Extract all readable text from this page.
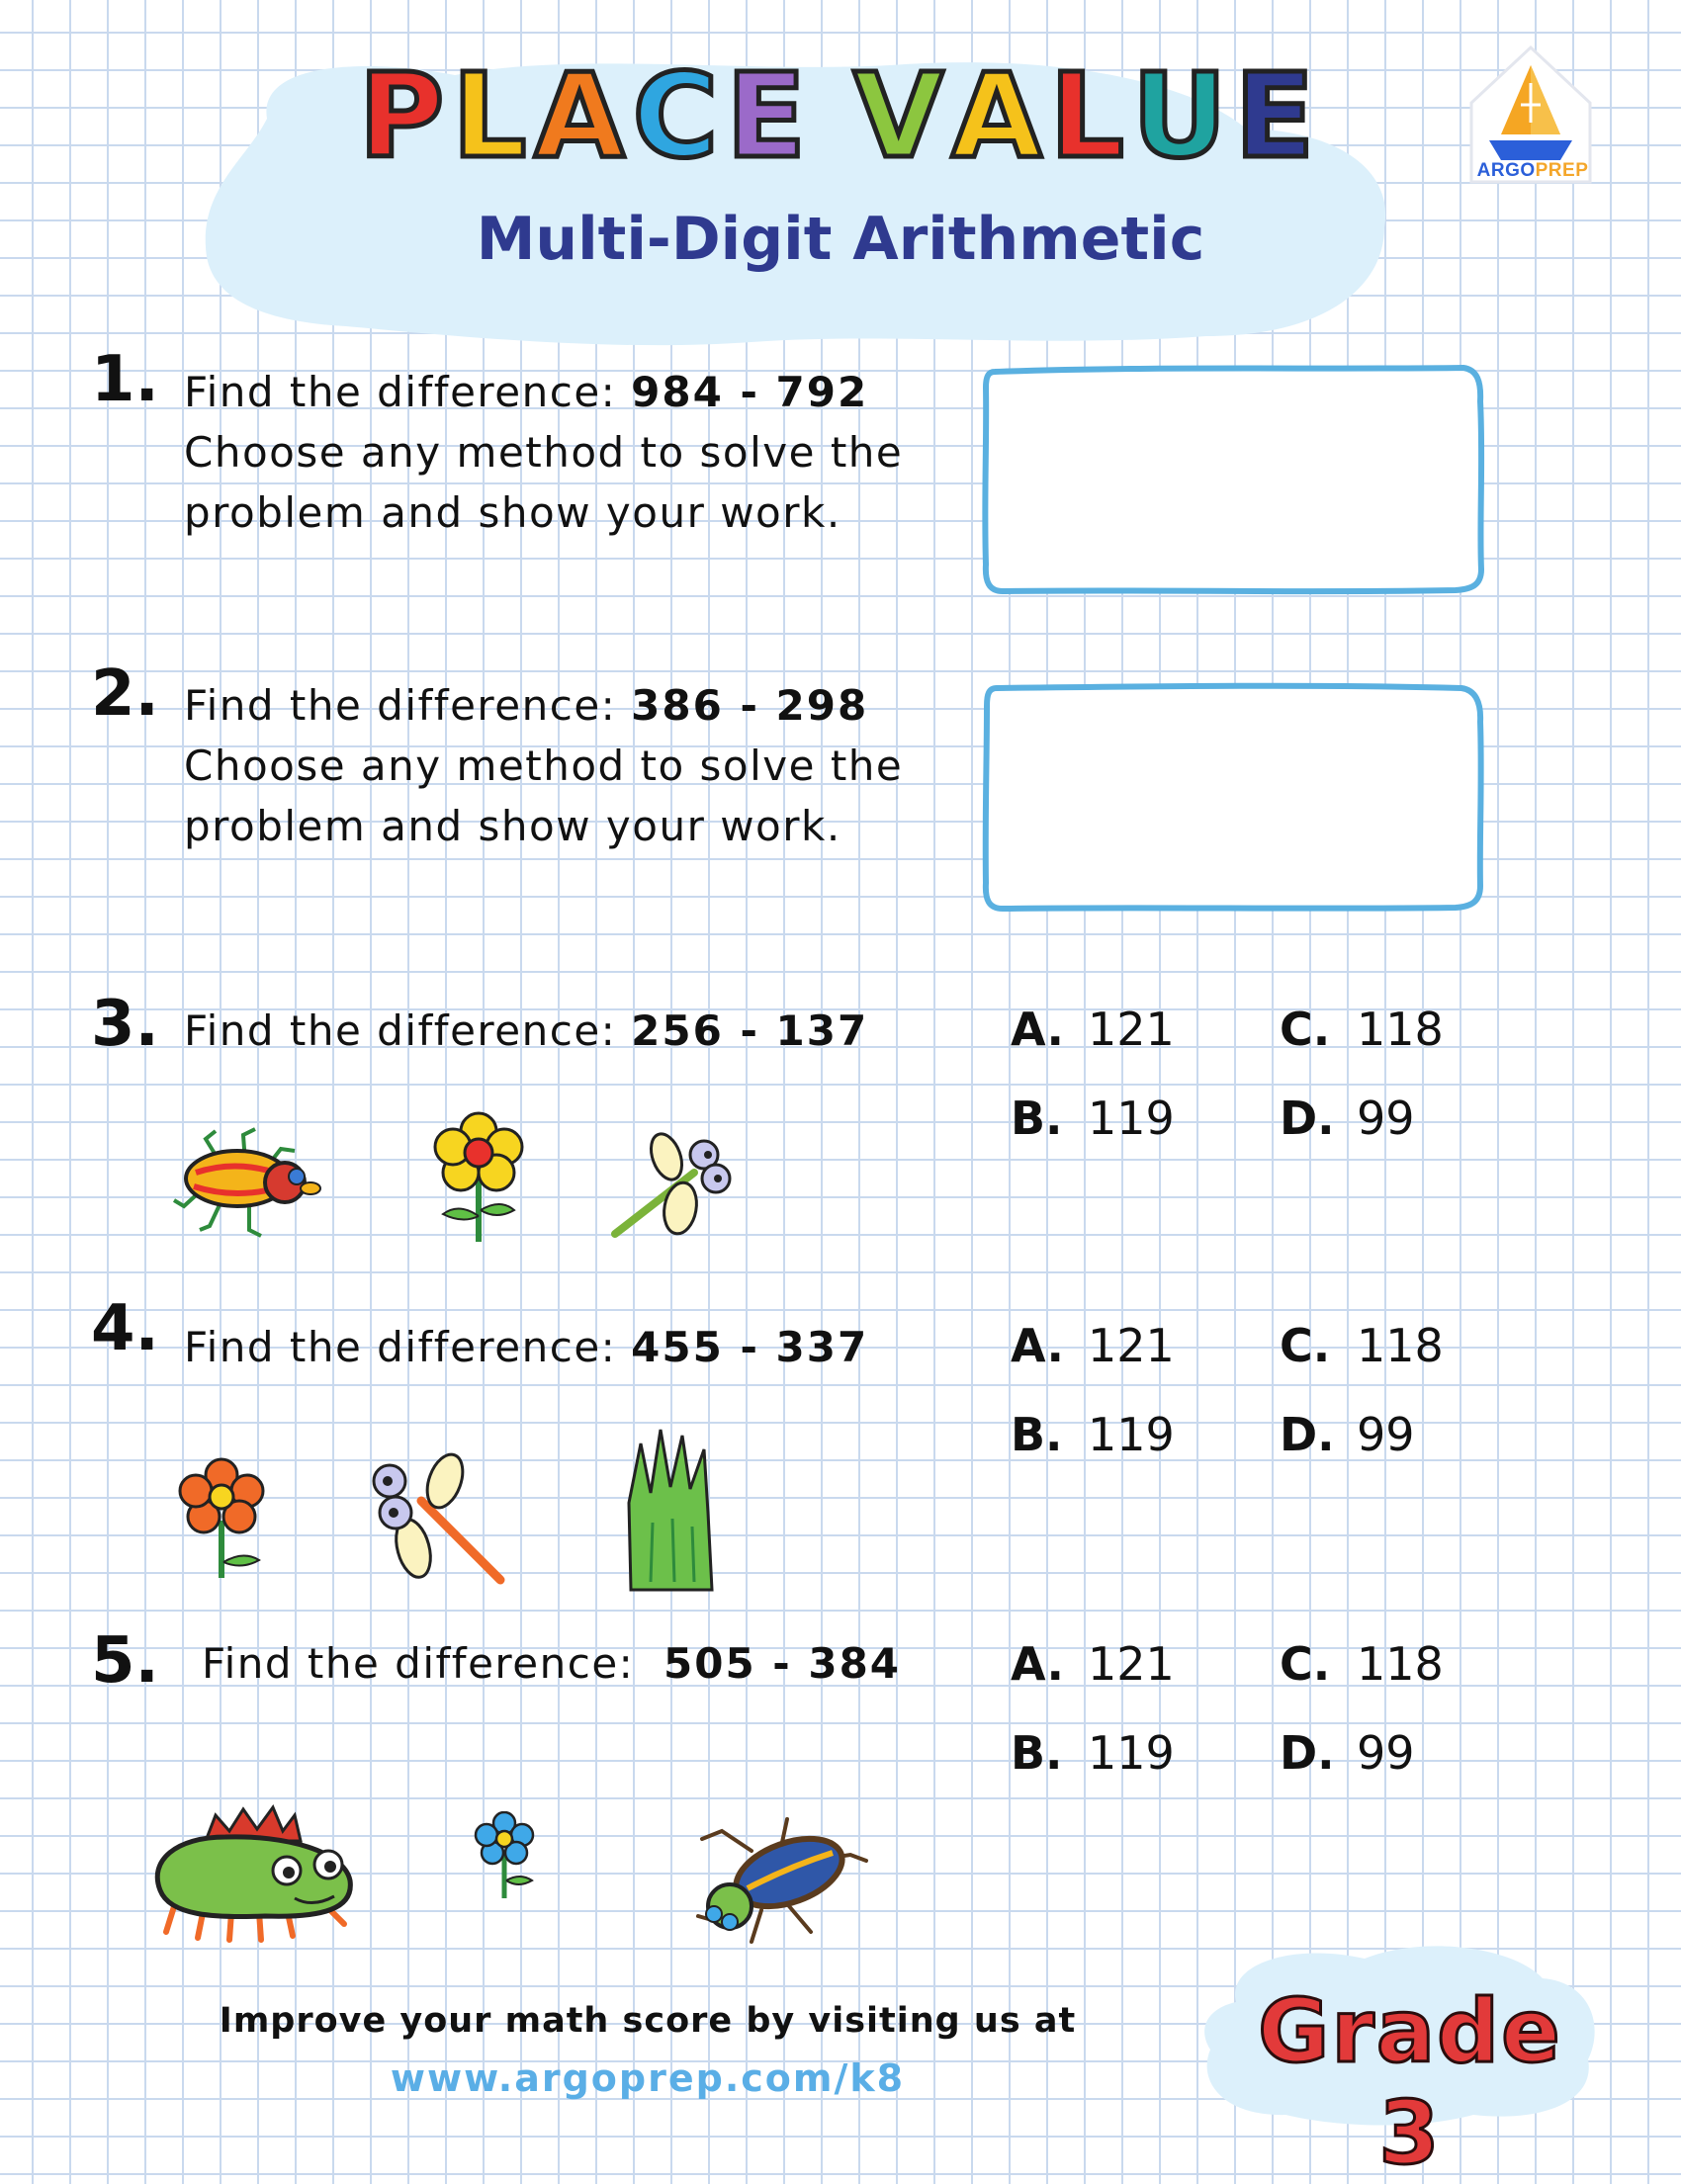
PLACE VALUE
Multi-Digit Arithmetic
ARGOPREP
1. Find the difference: 984 - 792
Choose any method to solve the
problem and show your work.
2. Find the difference: 386 - 298
Choose any method to solve the
problem and show your work.
3. Find the difference: 256 - 137	A. 121 C. 118
B. 119 D. 99
4. Find the difference: 455 - 337	A. 121 C. 118
B. 119 D. 99
5. Find the difference:  505 - 384 A. 121 C. 118
B. 119 D. 99
Improve your math score by visiting us at
www.argoprep.com/k8	Grade 3
